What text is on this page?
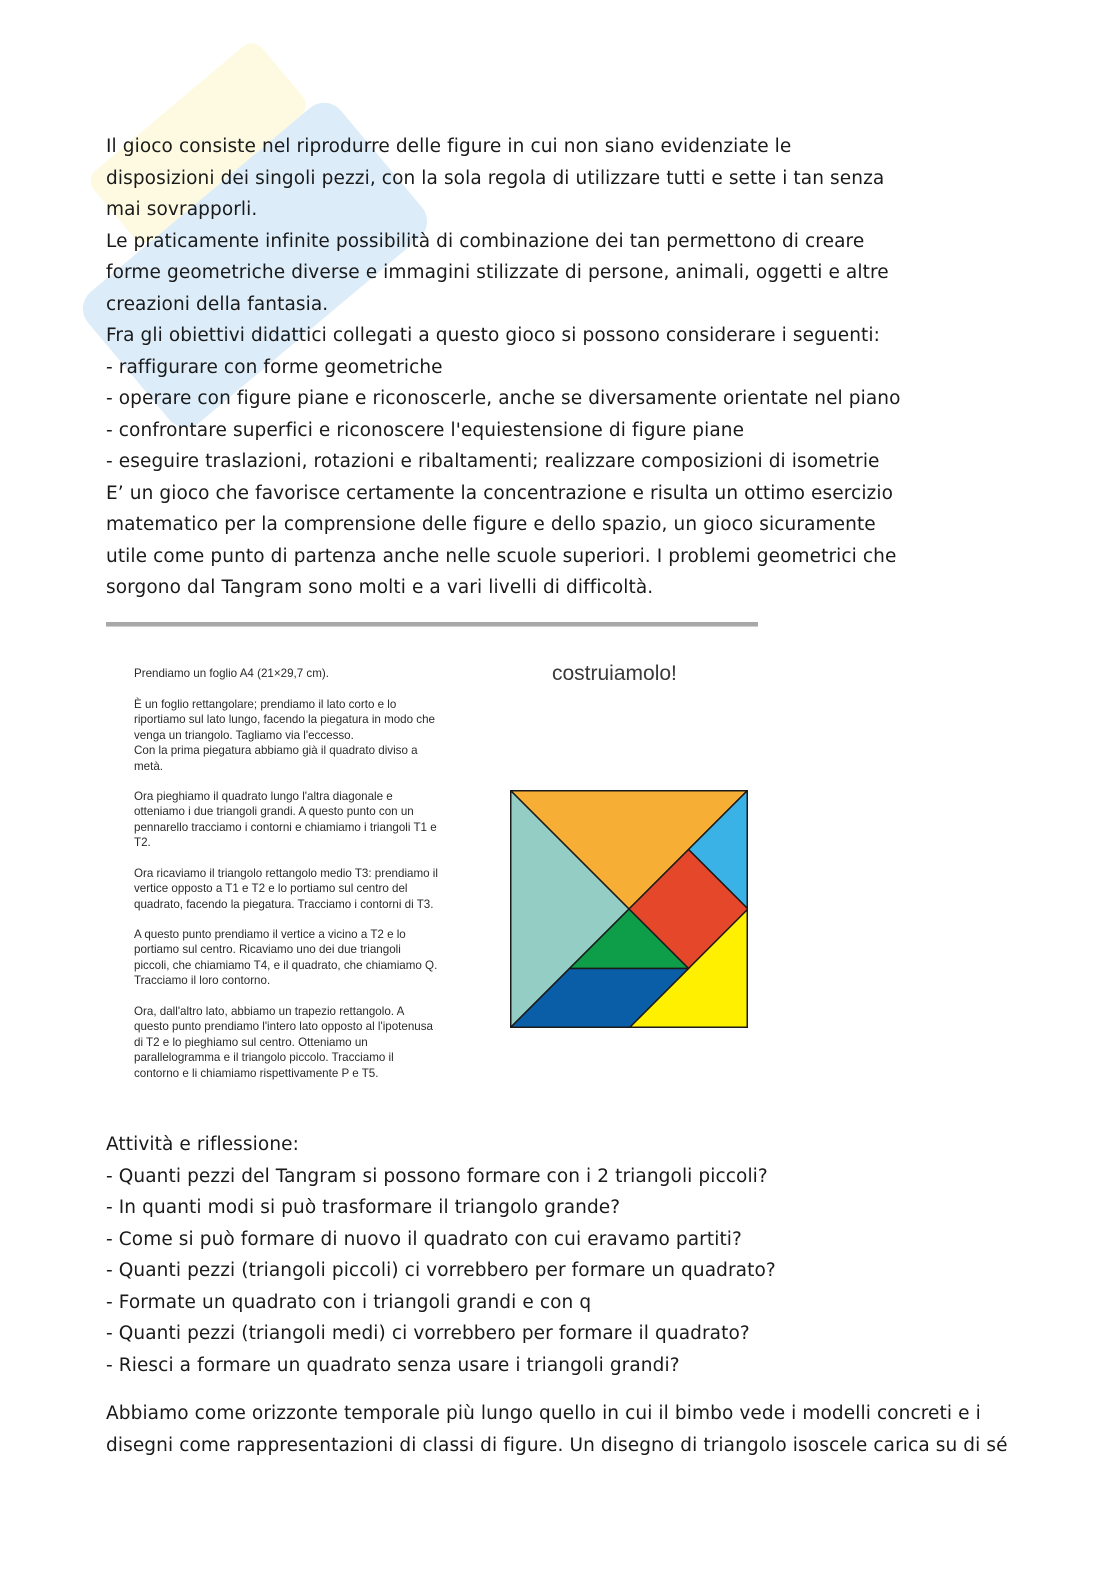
Il gioco consiste nel riprodurre delle figure in cui non siano evidenziate le
disposizioni dei singoli pezzi, con la sola regola di utilizzare tutti e sette i tan senza
mai sovrapporli.
Le praticamente infinite possibilità di combinazione dei tan permettono di creare
forme geometriche diverse e immagini stilizzate di persone, animali, oggetti e altre
creazioni della fantasia.
Fra gli obiettivi didattici collegati a questo gioco si possono considerare i seguenti:
- raffigurare con forme geometriche
- operare con figure piane e riconoscerle, anche se diversamente orientate nel piano
- confrontare superfici e riconoscere l'equiestensione di figure piane
- eseguire traslazioni, rotazioni e ribaltamenti; realizzare composizioni di isometrie
E’ un gioco che favorisce certamente la concentrazione e risulta un ottimo esercizio
matematico per la comprensione delle figure e dello spazio, un gioco sicuramente
utile come punto di partenza anche nelle scuole superiori. I problemi geometrici che
sorgono dal Tangram sono molti e a vari livelli di difficoltà.

Prendiamo un foglio A4 (21×29,7 cm).

È un foglio rettangolare; prendiamo il lato corto e lo
riportiamo sul lato lungo, facendo la piegatura in modo che
venga un triangolo. Tagliamo via l'eccesso.
Con la prima piegatura abbiamo già il quadrato diviso a
metà.

Ora pieghiamo il quadrato lungo l'altra diagonale e
otteniamo i due triangoli grandi. A questo punto con un
pennarello tracciamo i contorni e chiamiamo i triangoli T1 e
T2.

Ora ricaviamo il triangolo rettangolo medio T3: prendiamo il
vertice opposto a T1 e T2 e lo portiamo sul centro del
quadrato, facendo la piegatura. Tracciamo i contorni di T3.

A questo punto prendiamo il vertice a vicino a T2 e lo
portiamo sul centro. Ricaviamo uno dei due triangoli
piccoli, che chiamiamo T4, e il quadrato, che chiamiamo Q.
Tracciamo il loro contorno.

Ora, dall'altro lato, abbiamo un trapezio rettangolo. A
questo punto prendiamo l'intero lato opposto al l'ipotenusa
di T2 e lo pieghiamo sul centro. Otteniamo un
parallelogramma e il triangolo piccolo. Tracciamo il
contorno e li chiamiamo rispettivamente P e T5.

costruiamolo!
Attività e riflessione:
- Quanti pezzi del Tangram si possono formare con i 2 triangoli piccoli?
- In quanti modi si può trasformare il triangolo grande?
- Come si può formare di nuovo il quadrato con cui eravamo partiti?
- Quanti pezzi (triangoli piccoli) ci vorrebbero per formare un quadrato?
- Formate un quadrato con i triangoli grandi e con q
- Quanti pezzi (triangoli medi) ci vorrebbero per formare il quadrato?
- Riesci a formare un quadrato senza usare i triangoli grandi?
Abbiamo come orizzonte temporale più lungo quello in cui il bimbo vede i modelli concreti e i
disegni come rappresentazioni di classi di figure. Un disegno di triangolo isoscele carica su di sé
